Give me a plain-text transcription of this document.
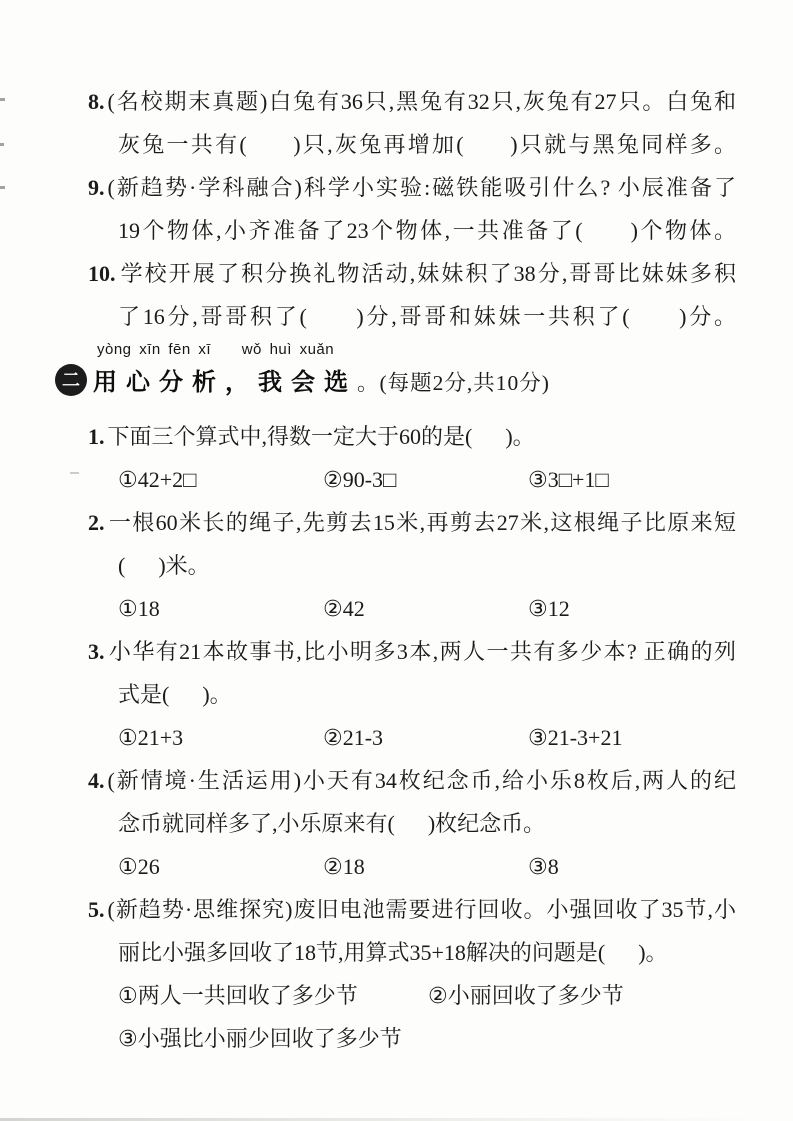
8. (名校期末真题)白兔有36只,黑兔有32只,灰兔有27只。白兔和
灰兔一共有(      )只,灰兔再增加(      )只就与黑兔同样多。
9. (新趋势·学科融合)科学小实验:磁铁能吸引什么? 小辰准备了
19个物体,小齐准备了23个物体,一共准备了(      )个物体。
10. 学校开展了积分换礼物活动,妹妹积了38分,哥哥比妹妹多积
了16分,哥哥积了(      )分,哥哥和妹妹一共积了(      )分。
二
yòng xīn fēn xī    wǒ huì xuǎn
用心分析，我会选。(每题2分,共10分)
1. 下面三个算式中,得数一定大于60的是(      )。
①42+2□	②90-3□	③3□+1□
2. 一根60米长的绳子,先剪去15米,再剪去27米,这根绳子比原来短
(      )米。
①18	②42	③12
3. 小华有21本故事书,比小明多3本,两人一共有多少本? 正确的列
式是(      )。
①21+3	②21-3	③21-3+21
4. (新情境·生活运用)小天有34枚纪念币,给小乐8枚后,两人的纪
念币就同样多了,小乐原来有(      )枚纪念币。
①26	②18	③8
5. (新趋势·思维探究)废旧电池需要进行回收。小强回收了35节,小
丽比小强多回收了18节,用算式35+18解决的问题是(      )。
①两人一共回收了多少节	②小丽回收了多少节
③小强比小丽少回收了多少节
